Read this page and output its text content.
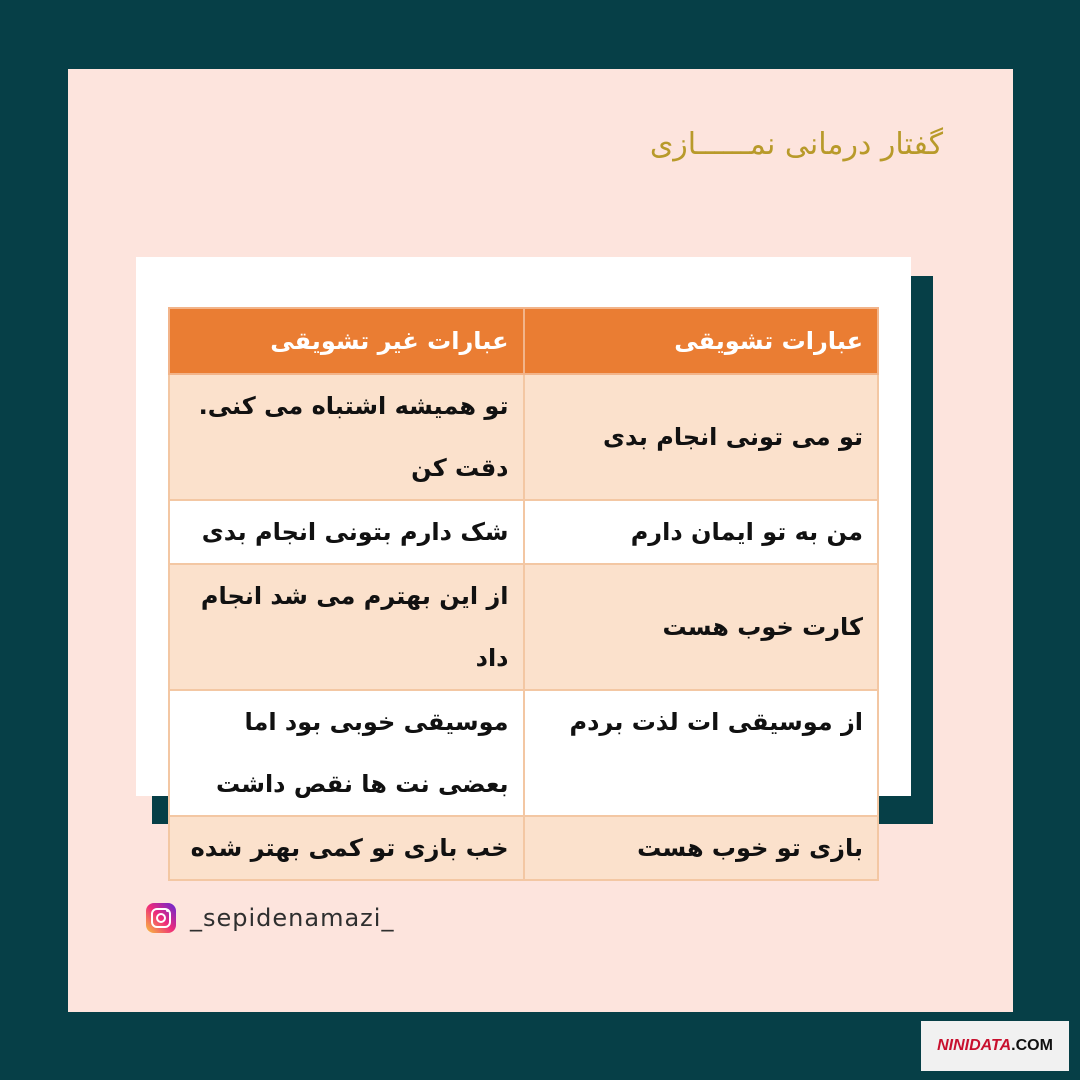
گفتار درمانی نمــــــازی
عبارات تشویقی	عبارات غیر تشویقی
تو می تونی انجام بدی	تو همیشه اشتباه می کنی. دقت کن
من به تو ایمان دارم	شک دارم بتونی انجام بدی
کارت خوب هست	از این بهترم می شد انجام داد
از موسیقی ات لذت بردم	موسیقی خوبی بود اما بعضی نت ها نقص داشت
بازی تو خوب هست	خب بازی تو کمی بهتر شده
_sepidenamazi_
NINIDATA .COM
